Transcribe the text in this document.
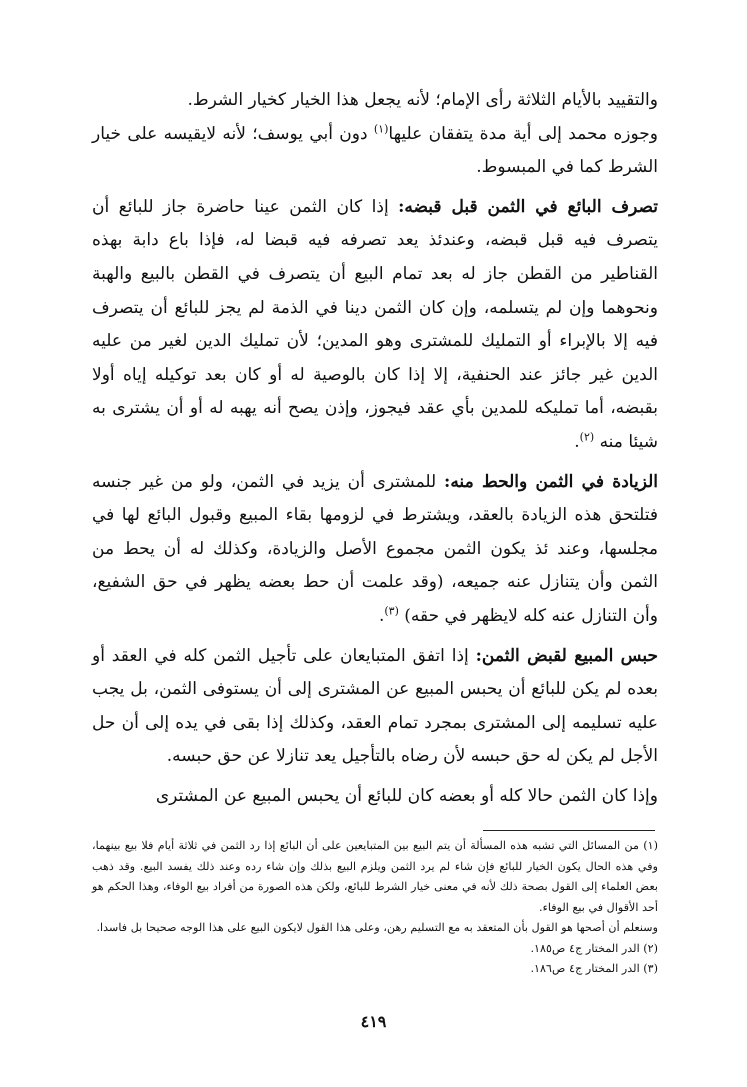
والتقييد بالأيام الثلاثة رأى الإمام؛ لأنه يجعل هذا الخيار كخيار الشرط.

وجوزه محمد إلى أية مدة يتفقان عليها$^{(١)}$ دون أبي يوسف؛ لأنه لايقيسه على خيار الشرط كما في المبسوط.

تصرف البائع في الثمن قبل قبضه: إذا كان الثمن عينا حاضرة جاز للبائع أن يتصرف فيه قبل قبضه، وعندئذ يعد تصرفه فيه قبضا له، فإذا باع دابة بهذه القناطير من القطن جاز له بعد تمام البيع أن يتصرف في القطن بالبيع والهبة ونحوهما وإن لم يتسلمه، وإن كان الثمن دينا في الذمة لم يجز للبائع أن يتصرف فيه إلا بالإبراء أو التمليك للمشترى وهو المدين؛ لأن تمليك الدين لغير من عليه الدين غير جائز عند الحنفية، إلا إذا كان بالوصية له أو كان بعد توكيله إياه أولا بقبضه، أما تمليكه للمدين بأي عقد فيجوز، وإذن يصح أنه يهبه له أو أن يشترى به شيئا منه $^{(٢)}$.

الزيادة في الثمن والحط منه: للمشترى أن يزيد في الثمن، ولو من غير جنسه فتلتحق هذه الزيادة بالعقد، ويشترط في لزومها بقاء المبيع وقبول البائع لها في مجلسها، وعند ئذ يكون الثمن مجموع الأصل والزيادة، وكذلك له أن يحط من الثمن وأن يتنازل عنه جميعه، (وقد علمت أن حط بعضه يظهر في حق الشفيع، وأن التنازل عنه كله لايظهر في حقه) $^{(٣)}$.

حبس المبيع لقبض الثمن: إذا اتفق المتبايعان على تأجيل الثمن كله في العقد أو بعده لم يكن للبائع أن يحبس المبيع عن المشترى إلى أن يستوفى الثمن، بل يجب عليه تسليمه إلى المشترى بمجرد تمام العقد، وكذلك إذا بقى في يده إلى أن حل الأجل لم يكن له حق حبسه لأن رضاه بالتأجيل يعد تنازلا عن حق حبسه.

وإذا كان الثمن حالا كله أو بعضه كان للبائع أن يحبس المبيع عن المشترى

(١) من المسائل التي تشبه هذه المسألة أن يتم البيع بين المتبايعين على أن البائع إذا رد الثمن في ثلاثة أيام فلا بيع بينهما، وفي هذه الحال يكون الخيار للبائع فإن شاء لم يرد الثمن ويلزم البيع بذلك وإن شاء رده وعند ذلك يفسد البيع. وقد ذهب بعض العلماء إلى القول بصحة ذلك لأنه في معنى خيار الشرط للبائع، ولكن هذه الصورة من أفراد بيع الوفاء، وهذا الحكم هو أحد الأقوال في بيع الوفاء.

وسنعلم أن أصحها هو القول بأن المتعقد به مع التسليم رهن، وعلى هذا القول لايكون البيع على هذا الوجه صحيحا بل فاسدا.

(٢) الدر المختار ج٤ ص١٨٥.

(٣) الدر المختار ج٤ ص١٨٦.

٤١٩
